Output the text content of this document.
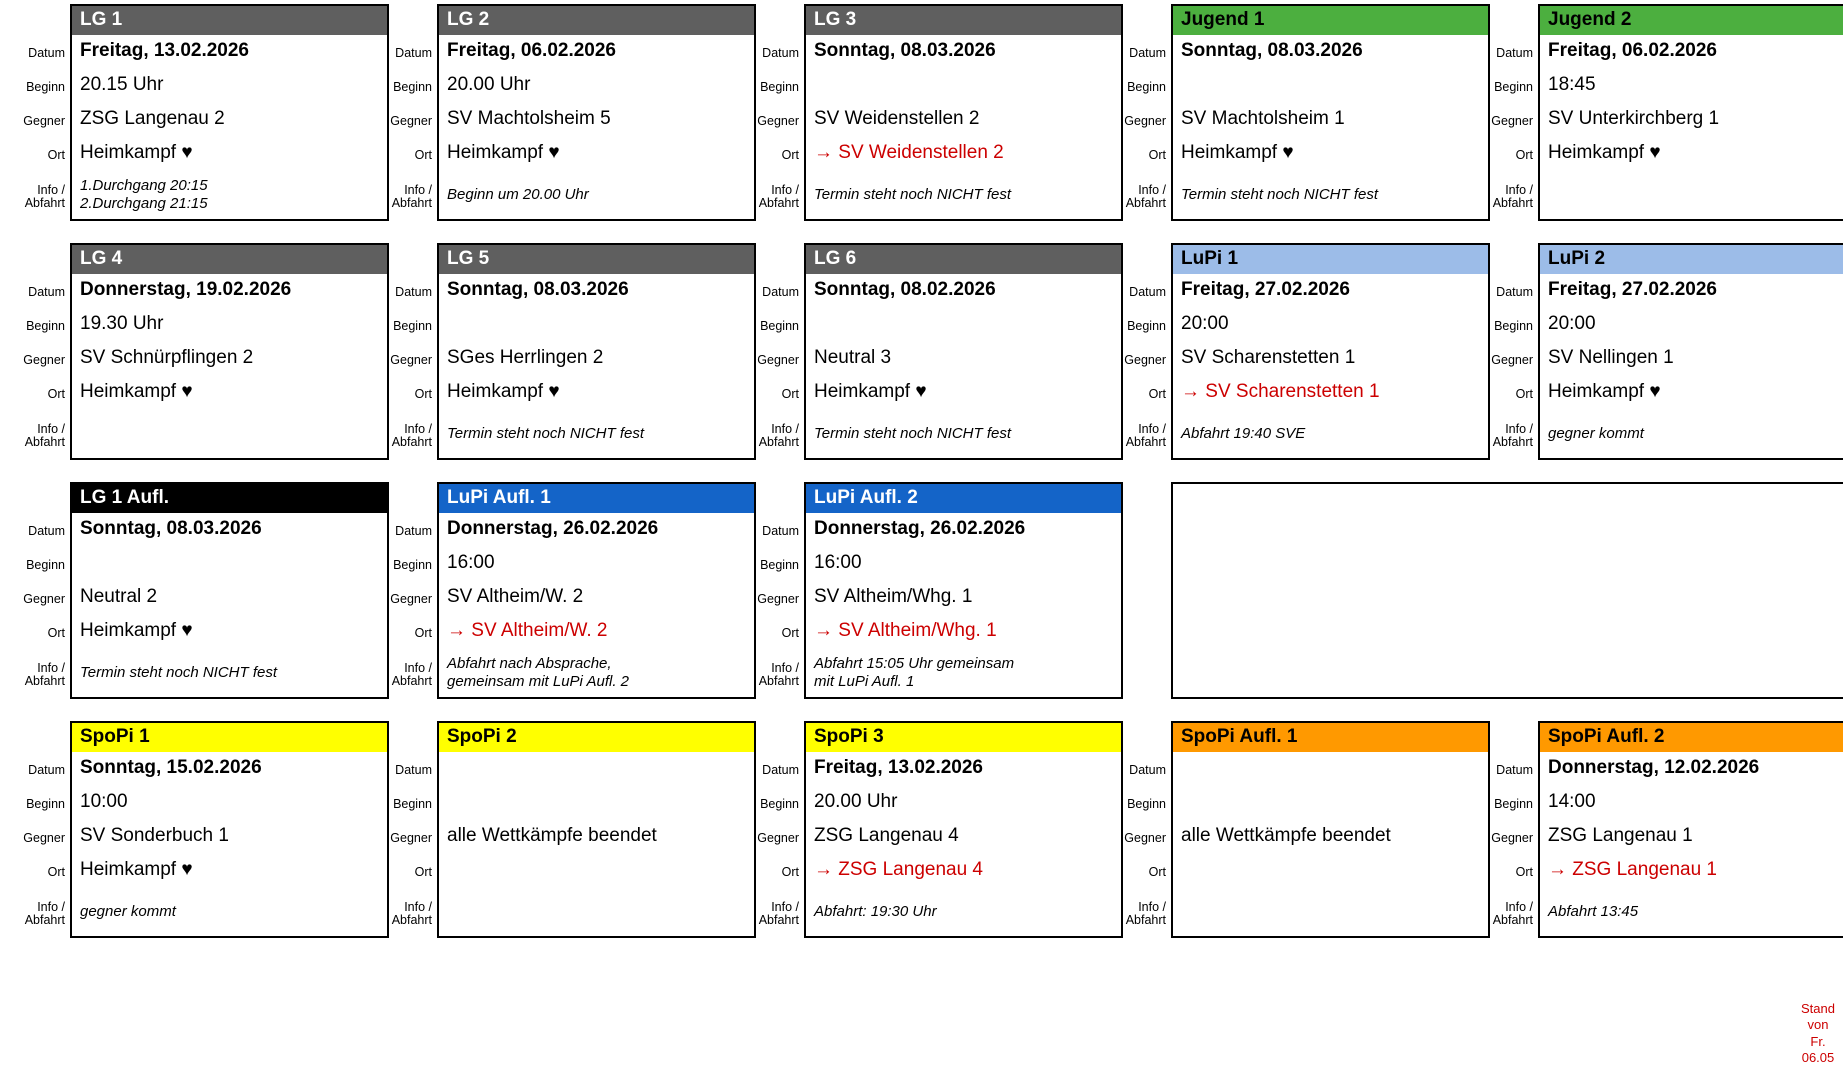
Datum
Beginn
Gegner
Ort
Info /
Abfahrt
LG 1
Freitag, 13.02.2026
20.15 Uhr
ZSG Langenau 2
Heimkampf ♥
1.Durchgang 20:15
2.Durchgang 21:15
Datum
Beginn
Gegner
Ort
Info /
Abfahrt
LG 2
Freitag, 06.02.2026
20.00 Uhr
SV Machtolsheim 5
Heimkampf ♥
Beginn um 20.00 Uhr
Datum
Beginn
Gegner
Ort
Info /
Abfahrt
LG 3
Sonntag, 08.03.2026
SV Weidenstellen 2
→ SV Weidenstellen 2
Termin steht noch NICHT fest
Datum
Beginn
Gegner
Ort
Info /
Abfahrt
Jugend 1
Sonntag, 08.03.2026
SV Machtolsheim 1
Heimkampf ♥
Termin steht noch NICHT fest
Datum
Beginn
Gegner
Ort
Info /
Abfahrt
Jugend 2
Freitag, 06.02.2026
18:45
SV Unterkirchberg 1
Heimkampf ♥
Datum
Beginn
Gegner
Ort
Info /
Abfahrt
LG 4
Donnerstag, 19.02.2026
19.30 Uhr
SV Schnürpflingen 2
Heimkampf ♥
Datum
Beginn
Gegner
Ort
Info /
Abfahrt
LG 5
Sonntag, 08.03.2026
SGes Herrlingen 2
Heimkampf ♥
Termin steht noch NICHT fest
Datum
Beginn
Gegner
Ort
Info /
Abfahrt
LG 6
Sonntag, 08.02.2026
Neutral 3
Heimkampf ♥
Termin steht noch NICHT fest
Datum
Beginn
Gegner
Ort
Info /
Abfahrt
LuPi 1
Freitag, 27.02.2026
20:00
SV Scharenstetten 1
→ SV Scharenstetten 1
Abfahrt 19:40 SVE
Datum
Beginn
Gegner
Ort
Info /
Abfahrt
LuPi 2
Freitag, 27.02.2026
20:00
SV Nellingen 1
Heimkampf ♥
gegner kommt
Datum
Beginn
Gegner
Ort
Info /
Abfahrt
LG 1 Aufl.
Sonntag, 08.03.2026
Neutral 2
Heimkampf ♥
Termin steht noch NICHT fest
Datum
Beginn
Gegner
Ort
Info /
Abfahrt
LuPi Aufl. 1
Donnerstag, 26.02.2026
16:00
SV Altheim/W. 2
→ SV Altheim/W. 2
Abfahrt nach Absprache,
gemeinsam mit LuPi Aufl. 2
Datum
Beginn
Gegner
Ort
Info /
Abfahrt
LuPi Aufl. 2
Donnerstag, 26.02.2026
16:00
SV Altheim/Whg. 1
→ SV Altheim/Whg. 1
Abfahrt 15:05 Uhr gemeinsam
mit LuPi Aufl. 1
Datum
Beginn
Gegner
Ort
Info /
Abfahrt
SpoPi 1
Sonntag, 15.02.2026
10:00
SV Sonderbuch 1
Heimkampf ♥
gegner kommt
Datum
Beginn
Gegner
Ort
Info /
Abfahrt
SpoPi 2
alle Wettkämpfe beendet
Datum
Beginn
Gegner
Ort
Info /
Abfahrt
SpoPi 3
Freitag, 13.02.2026
20.00 Uhr
ZSG Langenau 4
→ ZSG Langenau 4
Abfahrt: 19:30 Uhr
Datum
Beginn
Gegner
Ort
Info /
Abfahrt
SpoPi Aufl. 1
alle Wettkämpfe beendet
Datum
Beginn
Gegner
Ort
Info /
Abfahrt
SpoPi Aufl. 2
Donnerstag, 12.02.2026
14:00
ZSG Langenau 1
→ ZSG Langenau 1
Abfahrt 13:45
Stand
von
Fr.
06.05
